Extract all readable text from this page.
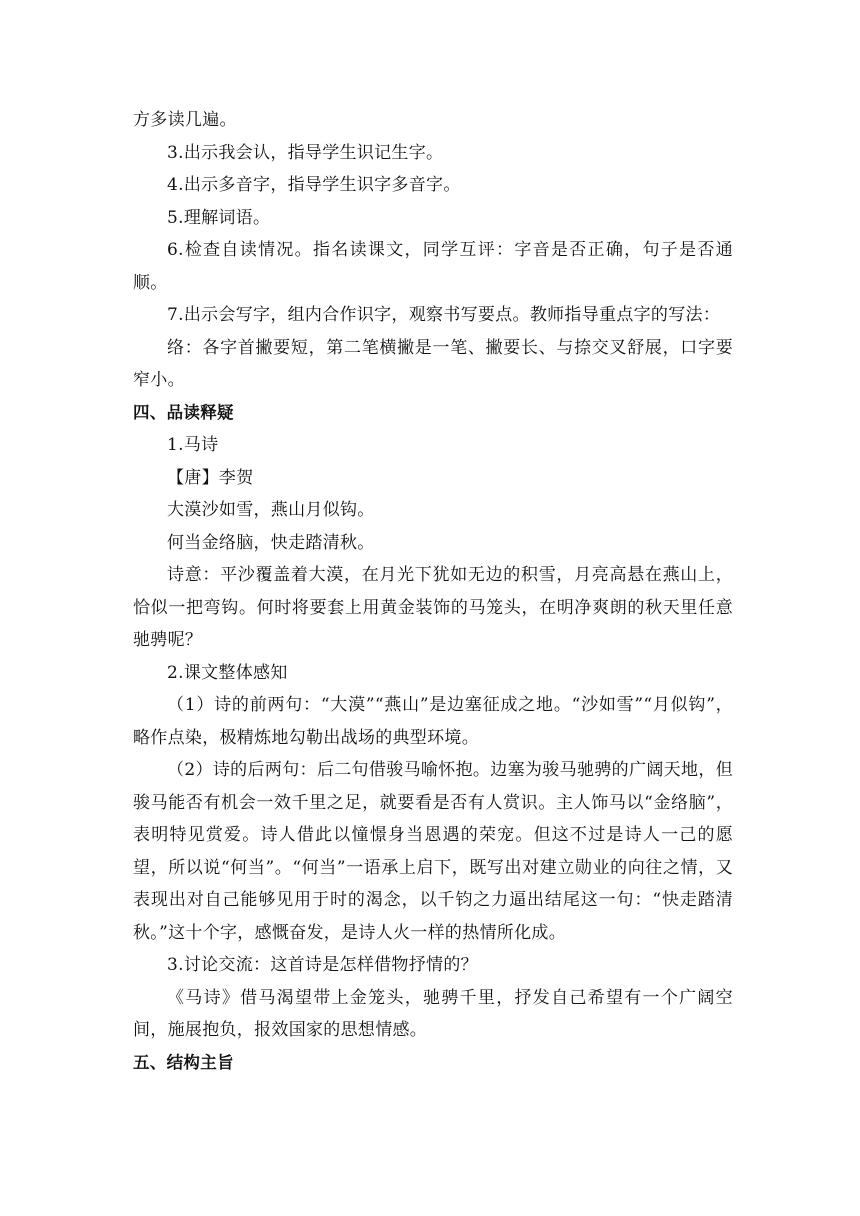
方多读几遍。

3.出示我会认，指导学生识记生字。

4.出示多音字，指导学生识字多音字。

5.理解词语。

6.检查自读情况。指名读课文，同学互评：字音是否正确，句子是否通顺。

7.出示会写字，组内合作识字，观察书写要点。教师指导重点字的写法：

络：各字首撇要短，第二笔横撇是一笔、撇要长、与捺交叉舒展，口字要窄小。

四、品读释疑

1.马诗

【唐】李贺

大漠沙如雪，燕山月似钩。

何当金络脑，快走踏清秋。

诗意：平沙覆盖着大漠，在月光下犹如无边的积雪，月亮高悬在燕山上，恰似一把弯钩。何时将要套上用黄金装饰的马笼头，在明净爽朗的秋天里任意驰骋呢？

2.课文整体感知

（1）诗的前两句：“大漠”“燕山”是边塞征成之地。“沙如雪”“月似钩”，略作点染，极精炼地勾勒出战场的典型环境。

（2）诗的后两句：后二句借骏马喻怀抱。边塞为骏马驰骋的广阔天地，但骏马能否有机会一效千里之足，就要看是否有人赏识。主人饰马以“金络脑”，表明特见赏爱。诗人借此以憧憬身当恩遇的荣宠。但这不过是诗人一己的愿望，所以说“何当”。“何当”一语承上启下，既写出对建立勋业的向往之情，又表现出对自己能够见用于时的渴念，以千钧之力逼出结尾这一句：“快走踏清秋。”这十个字，感慨奋发，是诗人火一样的热情所化成。

3.讨论交流：这首诗是怎样借物抒情的？

《马诗》借马渴望带上金笼头，驰骋千里，抒发自己希望有一个广阔空间，施展抱负，报效国家的思想情感。

五、结构主旨
